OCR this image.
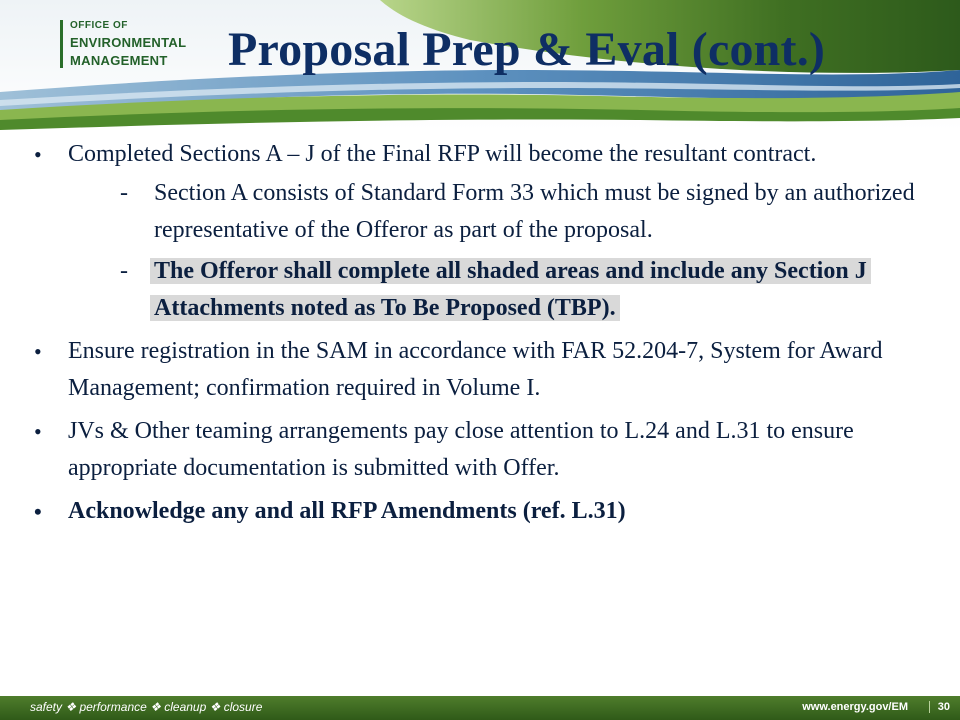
OFFICE OF
ENVIRONMENTAL
MANAGEMENT	Proposal Prep & Eval (cont.)
• Completed Sections A – J of the Final RFP will become the resultant contract.
- Section A consists of Standard Form 33 which must be signed by an authorized representative of the Offeror as part of the proposal.
- The Offeror shall complete all shaded areas and include any Section J Attachments noted as To Be Proposed (TBP).
• Ensure registration in the SAM in accordance with FAR 52.204-7, System for Award Management; confirmation required in Volume I.
• JVs & Other teaming arrangements pay close attention to L.24 and L.31 to ensure appropriate documentation is submitted with Offer.
• Acknowledge any and all RFP Amendments (ref. L.31)
safety ❖ performance ❖ cleanup ❖ closure	www.energy.gov/EM	30
